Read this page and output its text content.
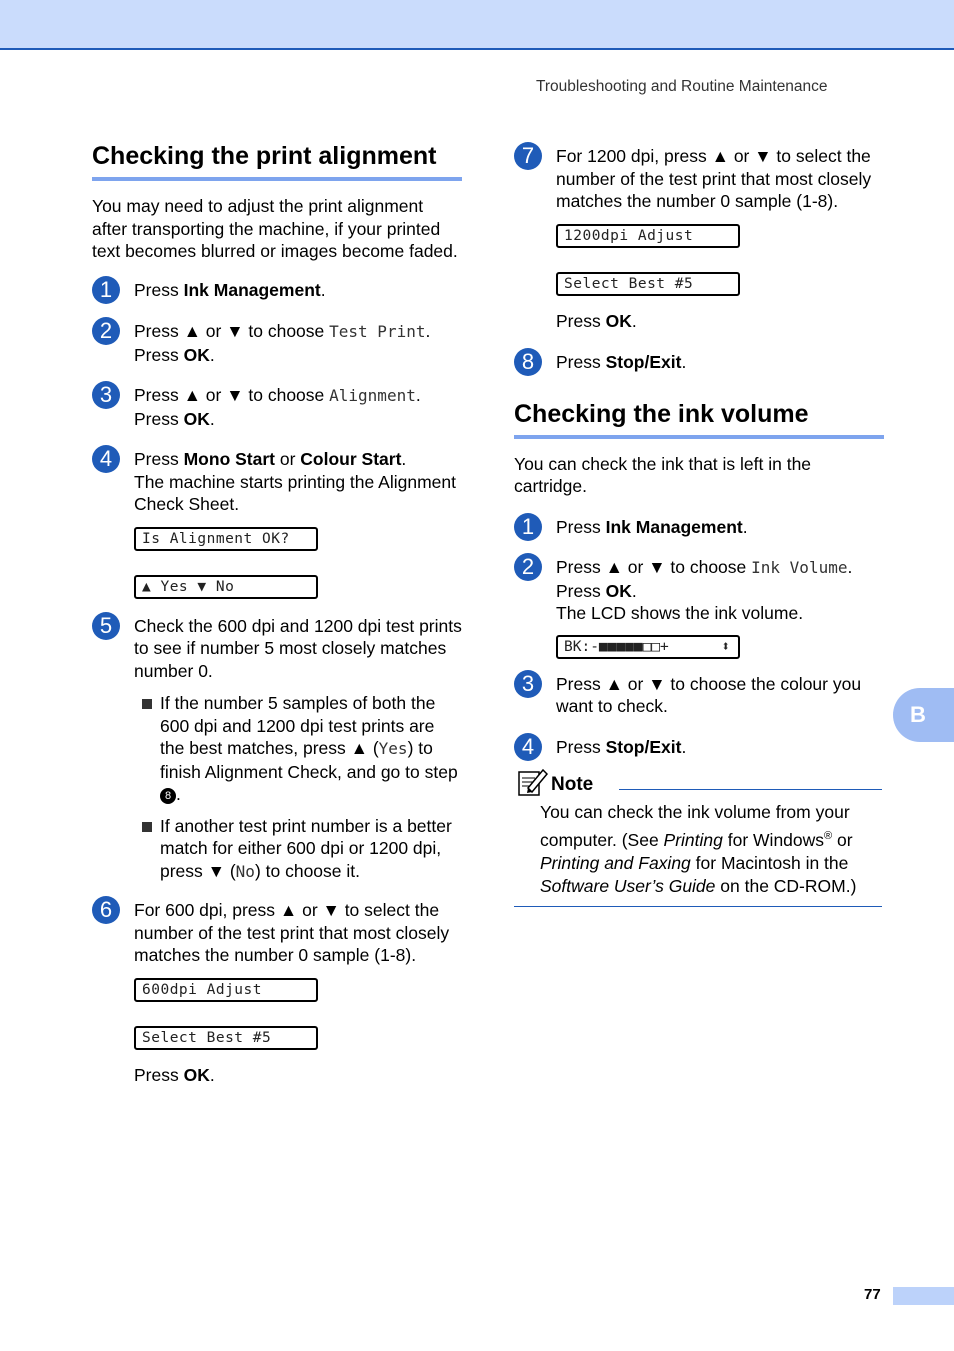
Troubleshooting and Routine Maintenance
Checking the print alignment

You may need to adjust the print alignment after transporting the machine, if your printed text becomes blurred or images become faded.

1	Press Ink Management.

2	Press ▲ or ▼ to choose Test Print.
Press OK.

3	Press ▲ or ▼ to choose Alignment.
Press OK.

4	Press Mono Start or Colour Start.
The machine starts printing the Alignment Check Sheet.

Is Alignment OK?
▲ Yes ▼ No
5	Check the 600 dpi and 1200 dpi test prints to see if number 5 most closely matches number 0.

If the number 5 samples of both the 600 dpi and 1200 dpi test prints are the best matches, press ▲ (Yes) to finish Alignment Check, and go to step 8 .
If another test print number is a better match for either 600 dpi or 1200 dpi, press ▼ (No) to choose it.
6	For 600 dpi, press ▲ or ▼ to select the number of the test print that most closely matches the number 0 sample (1-8).

600dpi Adjust
Select Best #5

Press OK.

7	For 1200 dpi, press ▲ or ▼ to select the number of the test print that most closely matches the number 0 sample (1-8).

1200dpi Adjust
Select Best #5

Press OK.

8	Press Stop/Exit.

Checking the ink volume

You can check the ink that is left in the cartridge.

1	Press Ink Management.

2	Press ▲ or ▼ to choose Ink Volume.
Press OK.
The LCD shows the ink volume.

BK:-■■■■■□□+	⬍
3	Press ▲ or ▼ to choose the colour you want to check.

4	Press Stop/Exit.

Note

You can check the ink volume from your computer. (See Printing for Windows® or Printing and Faxing for Macintosh in the Software User’s Guide on the CD-ROM.)

B
77
